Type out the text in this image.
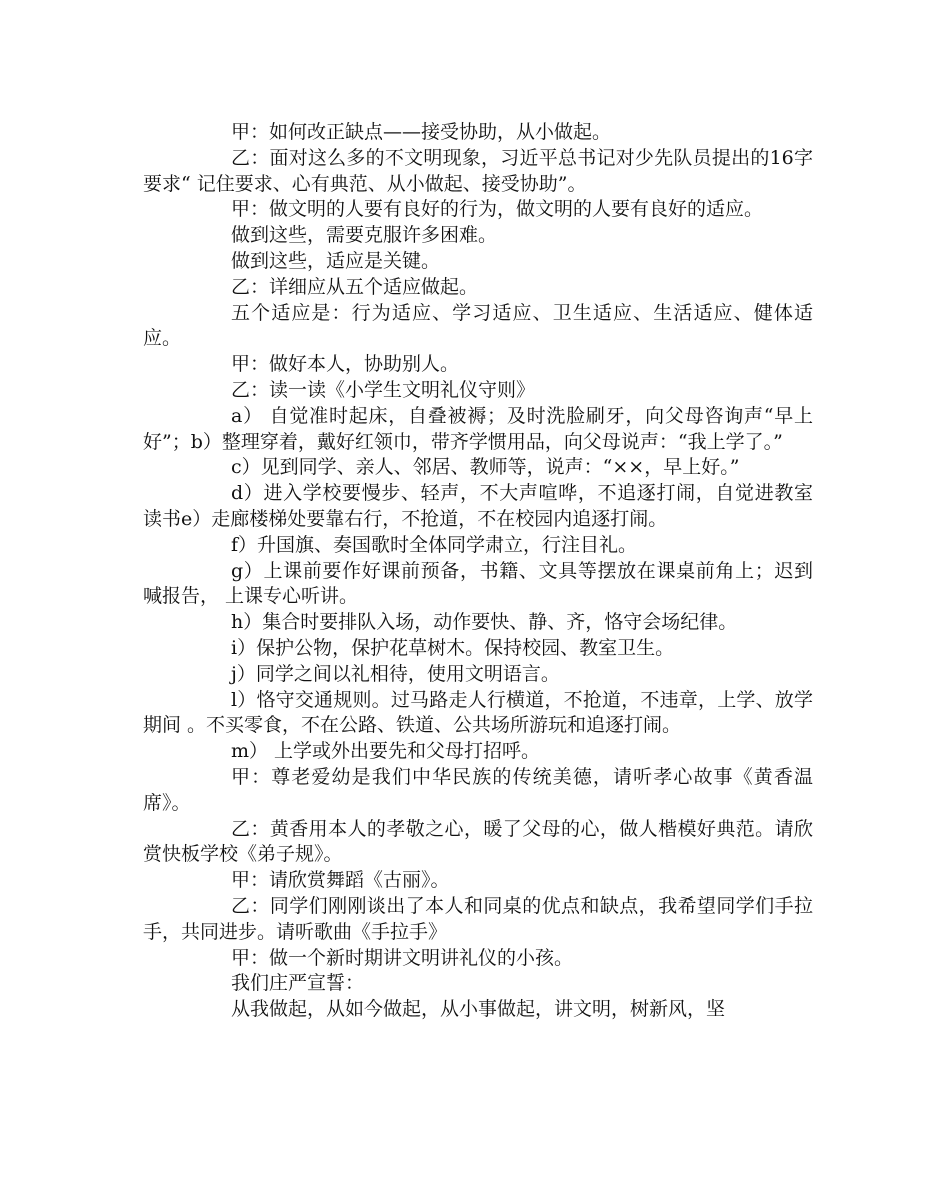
甲：如何改正缺点——接受协助，从小做起。

乙：面对这么多的不文明现象，习近平总书记对少先队员提出的16字要求“ 记住要求、心有典范、从小做起、接受协助”。

甲：做文明的人要有良好的行为，做文明的人要有良好的适应。

做到这些，需要克服许多困难。

做到这些，适应是关键。

乙：详细应从五个适应做起。

五个适应是：行为适应、学习适应、卫生适应、生活适应、健体适应。

甲：做好本人，协助别人。

乙：读一读《小学生文明礼仪守则》

a） 自觉准时起床，自叠被褥；及时洗脸刷牙，向父母咨询声“早上好”；b）整理穿着，戴好红领巾，带齐学惯用品，向父母说声：“我上学了。”

c）见到同学、亲人、邻居、教师等，说声：“××，早上好。”

d）进入学校要慢步、轻声，不大声喧哗，不追逐打闹，自觉进教室读书e）走廊楼梯处要靠右行，不抢道，不在校园内追逐打闹。

f）升国旗、奏国歌时全体同学肃立，行注目礼。

g）上课前要作好课前预备，书籍、文具等摆放在课桌前角上；迟到喊报告， 上课专心听讲。

h）集合时要排队入场，动作要快、静、齐，恪守会场纪律。

i）保护公物，保护花草树木。保持校园、教室卫生。

j）同学之间以礼相待，使用文明语言。

l）恪守交通规则。过马路走人行横道，不抢道，不违章，上学、放学期间 。不买零食，不在公路、铁道、公共场所游玩和追逐打闹。

m） 上学或外出要先和父母打招呼。

甲：尊老爱幼是我们中华民族的传统美德，请听孝心故事《黄香温席》。

乙：黄香用本人的孝敬之心，暖了父母的心，做人楷模好典范。请欣赏快板学校《弟子规》。

甲：请欣赏舞蹈《古丽》。

乙：同学们刚刚谈出了本人和同桌的优点和缺点，我希望同学们手拉手，共同进步。请听歌曲《手拉手》

甲：做一个新时期讲文明讲礼仪的小孩。

我们庄严宣誓：

从我做起，从如今做起，从小事做起，讲文明，树新风，坚
